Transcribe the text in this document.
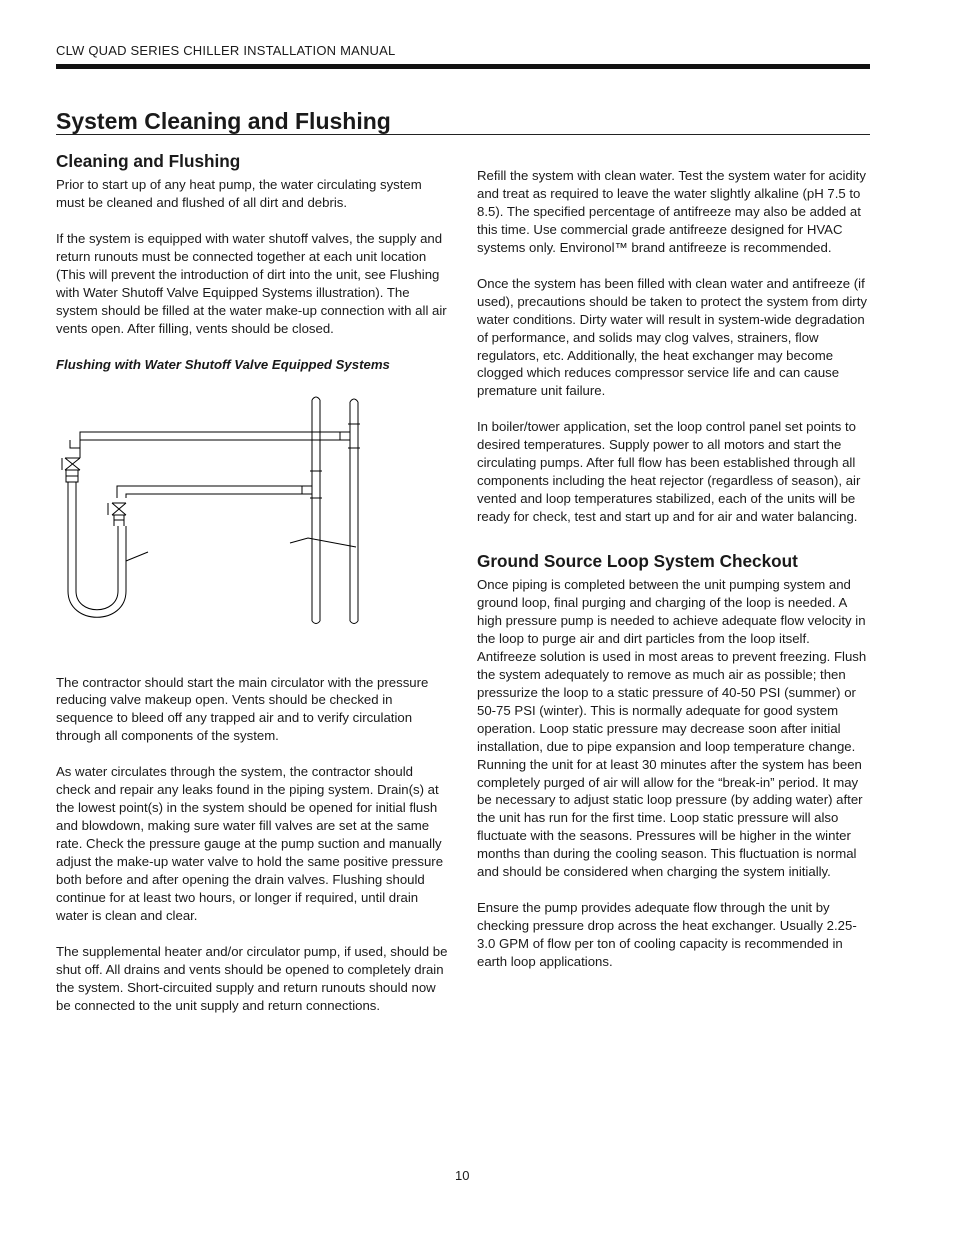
CLW QUAD SERIES CHILLER INSTALLATION MANUAL
System Cleaning and Flushing
Cleaning and Flushing

Prior to start up of any heat pump, the water circulating system must be cleaned and flushed of all dirt and debris.

If the system is equipped with water shutoff valves, the supply and return runouts must be connected together at each unit location (This will prevent the introduction of dirt into the unit, see Flushing with Water Shutoff Valve Equipped Systems illustration). The system should be filled at the water make-up connection with all air vents open. After filling, vents should be closed.

Flushing with Water Shutoff Valve Equipped Systems

The contractor should start the main circulator with the pressure reducing valve makeup open. Vents should be checked in sequence to bleed off any trapped air and to verify circulation through all components of the system.

As water circulates through the system, the contractor should check and repair any leaks found in the piping system. Drain(s) at the lowest point(s) in the system should be opened for initial flush and blowdown, making sure water fill valves are set at the same rate. Check the pressure gauge at the pump suction and manually adjust the make-up water valve to hold the same positive pressure both before and after opening the drain valves. Flushing should continue for at least two hours, or longer if required, until drain water is clean and clear.

The supplemental heater and/or circulator pump, if used, should be shut off. All drains and vents should be opened to completely drain the system. Short-circuited supply and return runouts should now be connected to the unit supply and return connections.

Refill the system with clean water. Test the system water for acidity and treat as required to leave the water slightly alkaline (pH 7.5 to 8.5). The specified percentage of antifreeze may also be added at this time. Use commercial grade antifreeze designed for HVAC systems only. Environol™ brand antifreeze is recommended.

Once the system has been filled with clean water and antifreeze (if used), precautions should be taken to protect the system from dirty water conditions. Dirty water will result in system-wide degradation of performance, and solids may clog valves, strainers, flow regulators, etc. Additionally, the heat exchanger may become clogged which reduces compressor service life and can cause premature unit failure.

In boiler/tower application, set the loop control panel set points to desired temperatures. Supply power to all motors and start the circulating pumps. After full flow has been established through all components including the heat rejector (regardless of season), air vented and loop temperatures stabilized, each of the units will be ready for check, test and start up and for air and water balancing.

Ground Source Loop System Checkout

Once piping is completed between the unit pumping system and ground loop, final purging and charging of the loop is needed. A high pressure pump is needed to achieve adequate flow velocity in the loop to purge air and dirt particles from the loop itself. Antifreeze solution is used in most areas to prevent freezing. Flush the system adequately to remove as much air as possible; then pressurize the loop to a static pressure of 40-50 PSI (summer) or 50-75 PSI (winter). This is normally adequate for good system operation. Loop static pressure may decrease soon after initial installation, due to pipe expansion and loop temperature change. Running the unit for at least 30 minutes after the system has been completely purged of air will allow for the “break-in” period. It may be necessary to adjust static loop pressure (by adding water) after the unit has run for the first time. Loop static pressure will also fluctuate with the seasons. Pressures will be higher in the winter months than during the cooling season. This fluctuation is normal and should be considered when charging the system initially.

Ensure the pump provides adequate flow through the unit by checking pressure drop across the heat exchanger. Usually 2.25-3.0 GPM of flow per ton of cooling capacity is recommended in earth loop applications.

10
